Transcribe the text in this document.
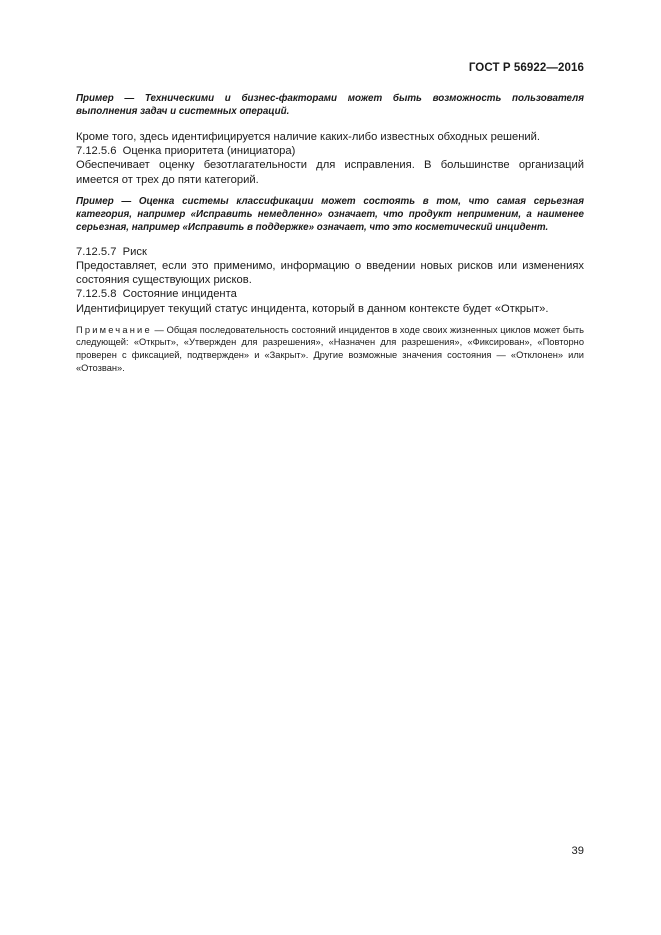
ГОСТ Р 56922—2016

Пример — Техническими и бизнес-факторами может быть возможность пользователя выполнения задач и системных операций.

Кроме того, здесь идентифицируется наличие каких-либо известных обходных решений.

7.12.5.6 Оценка приоритета (инициатора)

Обеспечивает оценку безотлагательности для исправления. В большинстве организаций имеется от трех до пяти категорий.

Пример — Оценка системы классификации может состоять в том, что самая серьезная категория, например «Исправить немедленно» означает, что продукт неприменим, а наименее серьезная, например «Исправить в поддержке» означает, что это косметический инцидент.

7.12.5.7 Риск

Предоставляет, если это применимо, информацию о введении новых рисков или изменениях состояния существующих рисков.

7.12.5.8 Состояние инцидента

Идентифицирует текущий статус инцидента, который в данном контексте будет «Открыт».

Примечание — Общая последовательность состояний инцидентов в ходе своих жизненных циклов может быть следующей: «Открыт», «Утвержден для разрешения», «Назначен для разрешения», «Фиксирован», «Повторно проверен с фиксацией, подтвержден» и «Закрыт». Другие возможные значения состояния — «Отклонен» или «Отозван».

39
